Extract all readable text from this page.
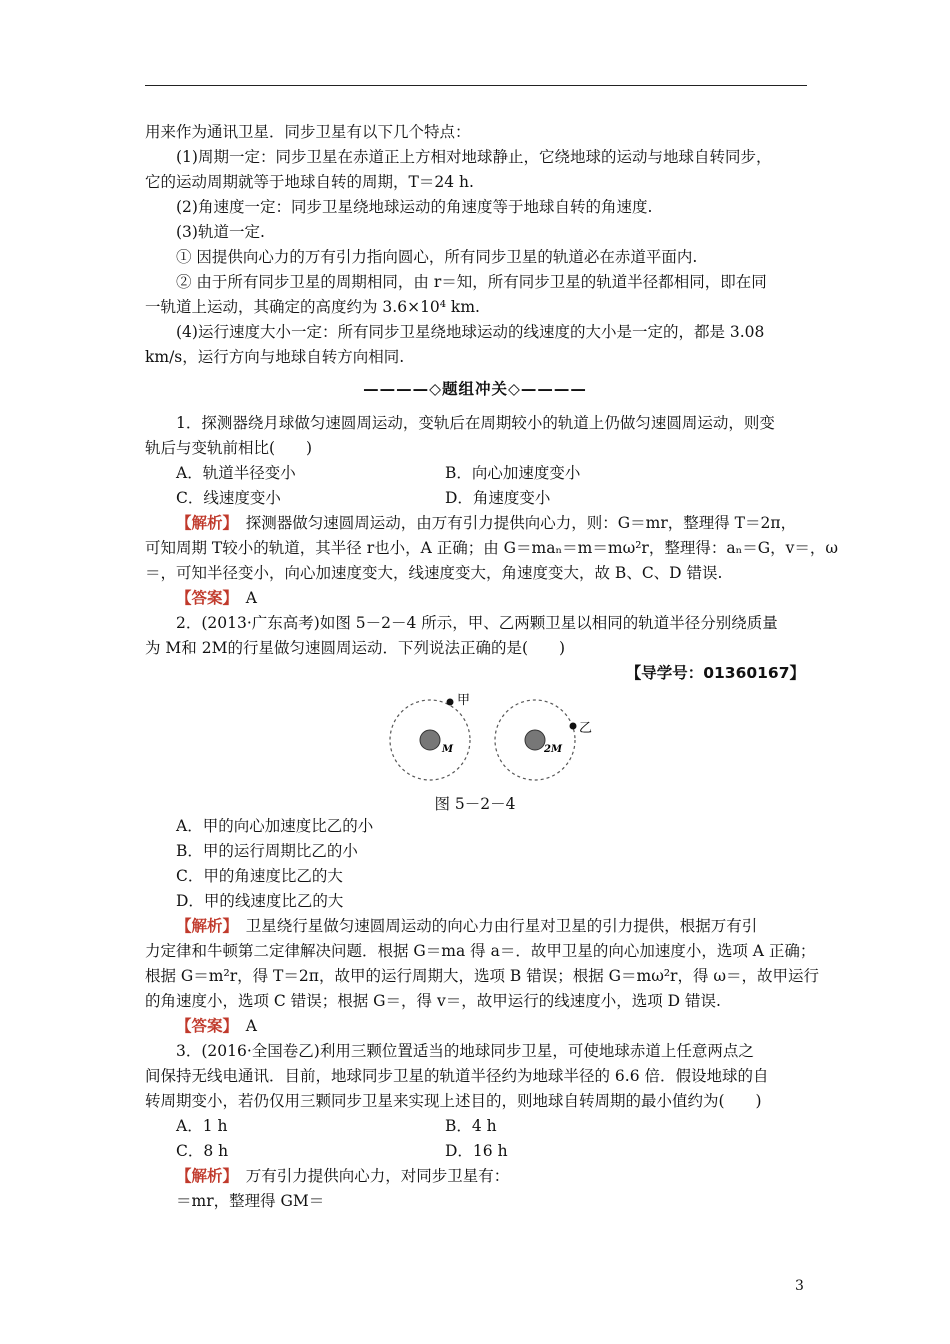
用来作为通讯卫星．同步卫星有以下几个特点：
(1)周期一定：同步卫星在赤道正上方相对地球静止，它绕地球的运动与地球自转同步，
它的运动周期就等于地球自转的周期，T＝24 h.
(2)角速度一定：同步卫星绕地球运动的角速度等于地球自转的角速度.
(3)轨道一定.
① 因提供向心力的万有引力指向圆心，所有同步卫星的轨道必在赤道平面内.
② 由于所有同步卫星的周期相同，由 r＝知，所有同步卫星的轨道半径都相同，即在同
一轨道上运动，其确定的高度约为 3.6×10⁴ km.
(4)运行速度大小一定：所有同步卫星绕地球运动的线速度的大小是一定的，都是 3.08
km/s，运行方向与地球自转方向相同.
————◇题组冲关◇————
1．探测器绕月球做匀速圆周运动，变轨后在周期较小的轨道上仍做匀速圆周运动，则变
轨后与变轨前相比(　　)
A．轨道半径变小	B．向心加速度变小
C．线速度变小	D．角速度变小
【解析】　探测器做匀速圆周运动，由万有引力提供向心力，则：G＝mr，整理得 T＝2π，
可知周期 T较小的轨道，其半径 r也小，A 正确；由 G＝maₙ＝m＝mω²r，整理得：aₙ＝G，v＝，ω
＝，可知半径变小，向心加速度变大，线速度变大，角速度变大，故 B、C、D 错误.
【答案】　A
2．(2013·广东高考)如图 5－2－4 所示，甲、乙两颗卫星以相同的轨道半径分别绕质量
为 M和 2M的行星做匀速圆周运动．下列说法正确的是(　　)
【导学号：01360167】
甲
M
乙
2M
图 5－2－4
A．甲的向心加速度比乙的小
B．甲的运行周期比乙的小
C．甲的角速度比乙的大
D．甲的线速度比乙的大
【解析】　卫星绕行星做匀速圆周运动的向心力由行星对卫星的引力提供，根据万有引
力定律和牛顿第二定律解决问题．根据 G＝ma 得 a＝．故甲卫星的向心加速度小，选项 A 正确；
根据 G＝m²r，得 T＝2π，故甲的运行周期大，选项 B 错误；根据 G＝mω²r，得 ω＝，故甲运行
的角速度小，选项 C 错误；根据 G＝，得 v＝，故甲运行的线速度小，选项 D 错误.
【答案】　A
3．(2016·全国卷乙)利用三颗位置适当的地球同步卫星，可使地球赤道上任意两点之
间保持无线电通讯．目前，地球同步卫星的轨道半径约为地球半径的 6.6 倍．假设地球的自
转周期变小，若仍仅用三颗同步卫星来实现上述目的，则地球自转周期的最小值约为(　　)
A．1 h	B．4 h
C．8 h	D．16 h
【解析】　万有引力提供向心力，对同步卫星有：
＝mr，整理得 GM＝
3
